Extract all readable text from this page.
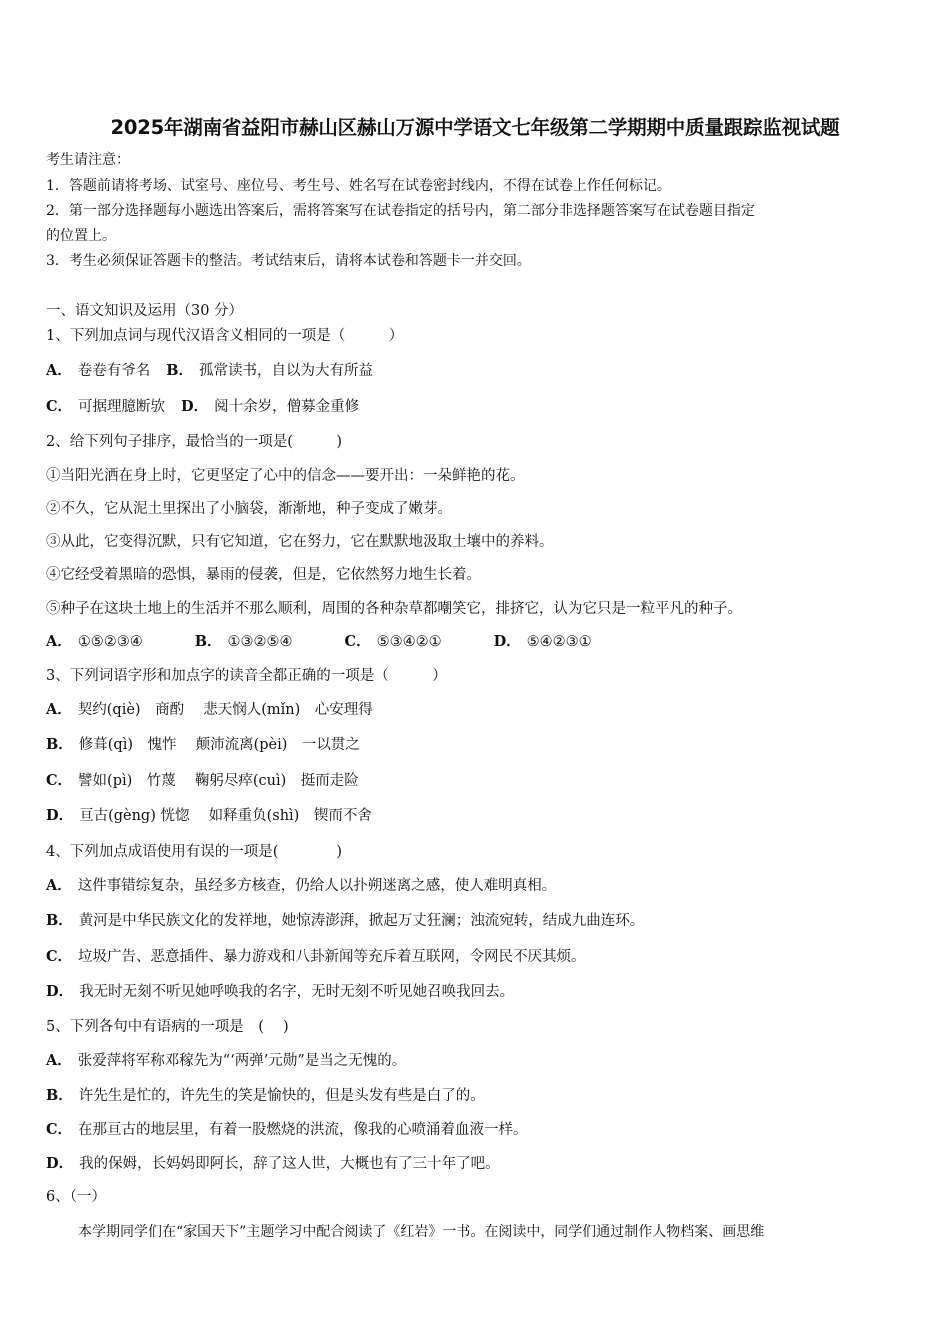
2025年湖南省益阳市赫山区赫山万源中学语文七年级第二学期期中质量跟踪监视试题
考生请注意：
1．答题前请将考场、试室号、座位号、考生号、姓名写在试卷密封线内，不得在试卷上作任何标记。
2．第一部分选择题每小题选出答案后，需将答案写在试卷指定的括号内，第二部分非选择题答案写在试卷题目指定
的位置上。
3．考生必须保证答题卡的整洁。考试结束后，请将本试卷和答题卡一并交回。
一、语文知识及运用（30 分）
1、下列加点词与现代汉语含义相同的一项是（　　　）
A． 卷卷有爷名 B． 孤常读书，自以为大有所益
C． 可据理臆断欤 D． 阅十余岁，僧募金重修
2、给下列句子排序，最恰当的一项是(　　　)
①当阳光洒在身上时，它更坚定了心中的信念——要开出：一朵鲜艳的花。
②不久，它从泥土里探出了小脑袋，渐渐地，种子变成了嫩芽。
③从此，它变得沉默，只有它知道，它在努力，它在默默地汲取土壤中的养料。
④它经受着黑暗的恐惧，暴雨的侵袭，但是，它依然努力地生长着。
⑤种子在这块土地上的生活并不那么顺利，周围的各种杂草都嘲笑它，排挤它，认为它只是一粒平凡的种子。
A． ①⑤②③④	B． ①③②⑤④	C． ⑤③④②①	D． ⑤④②③①
3、下列词语字形和加点字的读音全都正确的一项是（　　　）
A． 契约(qiè)　商酌　 悲天悯人(mǐn)　心安理得
B． 修葺(qì)　愧怍　 颠沛流离(pèi)　一以贯之
C． 譬如(pì)　竹蔑　 鞠躬尽瘁(cuì)　挺而走险
D． 亘古(gèng) 恍惚　 如释重负(shì)　锲而不舍
4、下列加点成语使用有误的一项是(　　　　)
A． 这件事错综复杂，虽经多方核查，仍给人以扑朔迷离之感，使人难明真相。
B． 黄河是中华民族文化的发祥地，她惊涛澎湃，掀起万丈狂澜；浊流宛转，结成九曲连环。
C． 垃圾广告、恶意插件、暴力游戏和八卦新闻等充斥着互联网，令网民不厌其烦。
D． 我无时无刻不听见她呼唤我的名字，无时无刻不听见她召唤我回去。
5、下列各句中有语病的一项是　(　 )
A． 张爱萍将军称邓稼先为“‘两弹’元勋”是当之无愧的。
B． 许先生是忙的，许先生的笑是愉快的，但是头发有些是白了的。
C． 在那亘古的地层里，有着一股燃烧的洪流，像我的心喷涌着血液一样。
D． 我的保姆，长妈妈即阿长，辞了这人世，大概也有了三十年了吧。
6、（一）
本学期同学们在“家国天下”主题学习中配合阅读了《红岩》一书。在阅读中，同学们通过制作人物档案、画思维
